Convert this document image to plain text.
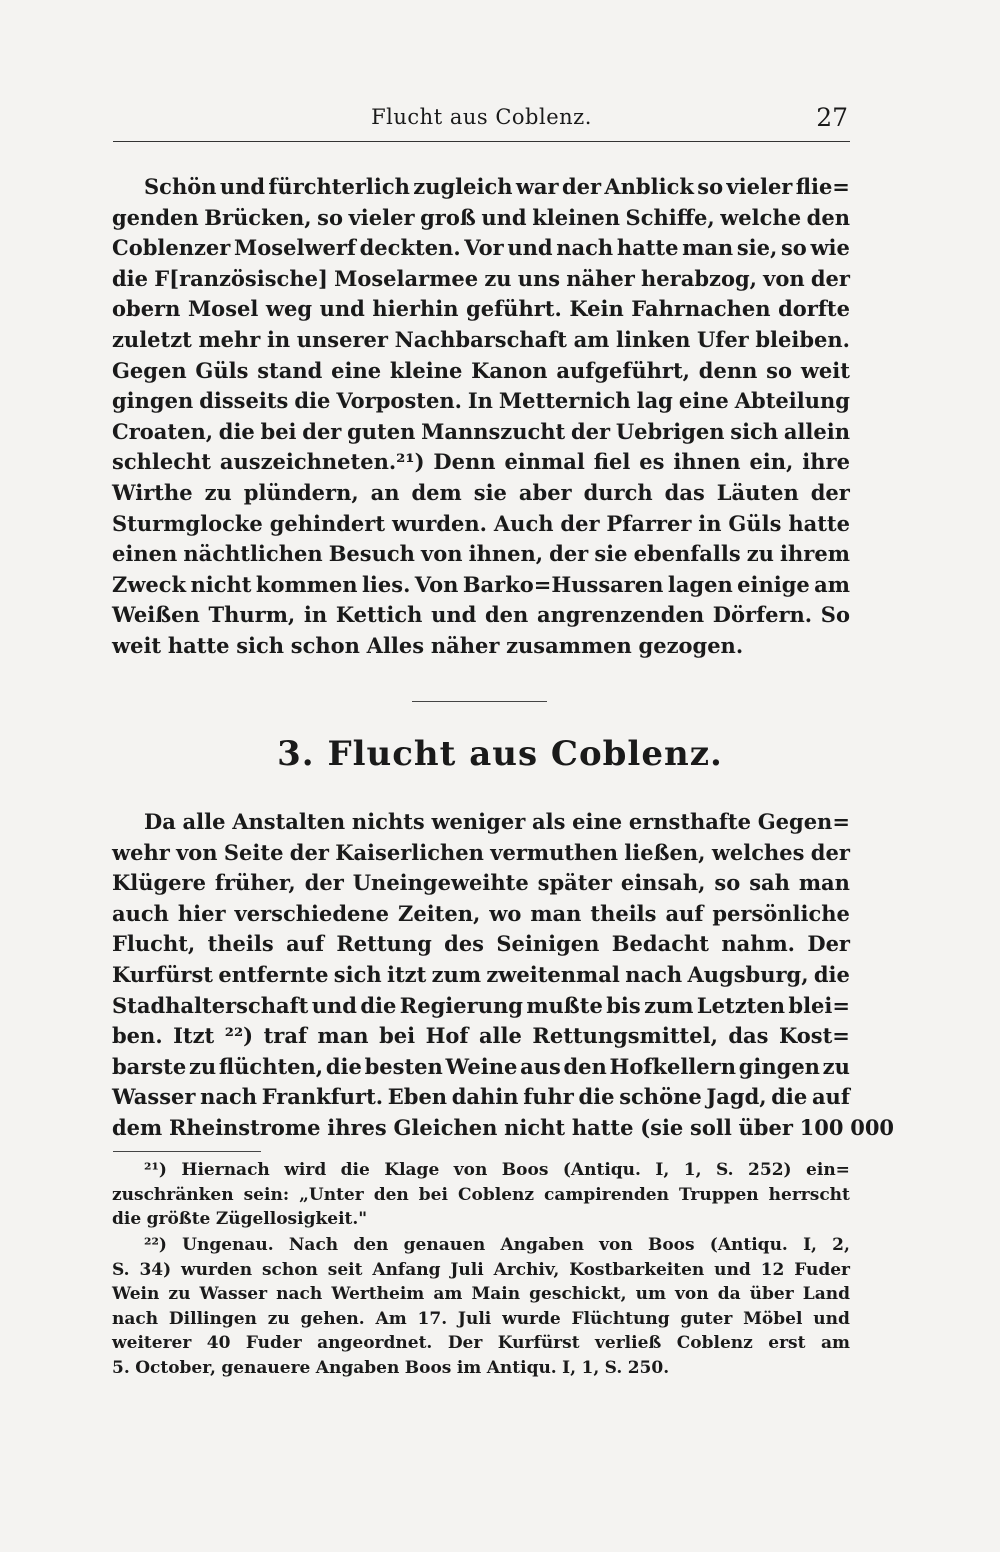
Flucht aus Coblenz.	27
Schön und fürchterlich zugleich war der Anblick so vieler flie=
genden Brücken, so vieler groß und kleinen Schiffe, welche den
Coblenzer Moselwerf deckten. Vor und nach hatte man sie, so wie
die F[ranzösische] Moselarmee zu uns näher herabzog, von der
obern Mosel weg und hierhin geführt. Kein Fahrnachen dorfte
zuletzt mehr in unserer Nachbarschaft am linken Ufer bleiben.
Gegen Güls stand eine kleine Kanon aufgeführt, denn so weit
gingen disseits die Vorposten. In Metternich lag eine Abteilung
Croaten, die bei der guten Mannszucht der Uebrigen sich allein
schlecht auszeichneten.²¹) Denn einmal fiel es ihnen ein, ihre
Wirthe zu plündern, an dem sie aber durch das Läuten der
Sturmglocke gehindert wurden. Auch der Pfarrer in Güls hatte
einen nächtlichen Besuch von ihnen, der sie ebenfalls zu ihrem
Zweck nicht kommen lies. Von Barko=Hussaren lagen einige am
Weißen Thurm, in Kettich und den angrenzenden Dörfern. So
weit hatte sich schon Alles näher zusammen gezogen.
3. Flucht aus Coblenz.
Da alle Anstalten nichts weniger als eine ernsthafte Gegen=
wehr von Seite der Kaiserlichen vermuthen ließen, welches der
Klügere früher, der Uneingeweihte später einsah, so sah man
auch hier verschiedene Zeiten, wo man theils auf persönliche
Flucht, theils auf Rettung des Seinigen Bedacht nahm. Der
Kurfürst entfernte sich itzt zum zweitenmal nach Augsburg, die
Stadhalterschaft und die Regierung mußte bis zum Letzten blei=
ben. Itzt ²²) traf man bei Hof alle Rettungsmittel, das Kost=
barste zu flüchten, die besten Weine aus den Hofkellern gingen zu
Wasser nach Frankfurt. Eben dahin fuhr die schöne Jagd, die auf
dem Rheinstrome ihres Gleichen nicht hatte (sie soll über 100 000
²¹) Hiernach wird die Klage von Boos (Antiqu. I, 1, S. 252) ein=
zuschränken sein: „Unter den bei Coblenz campirenden Truppen herrscht
die größte Zügellosigkeit."
²²) Ungenau. Nach den genauen Angaben von Boos (Antiqu. I, 2,
S. 34) wurden schon seit Anfang Juli Archiv, Kostbarkeiten und 12 Fuder
Wein zu Wasser nach Wertheim am Main geschickt, um von da über Land
nach Dillingen zu gehen. Am 17. Juli wurde Flüchtung guter Möbel und
weiterer 40 Fuder angeordnet. Der Kurfürst verließ Coblenz erst am
5. October, genauere Angaben Boos im Antiqu. I, 1, S. 250.
